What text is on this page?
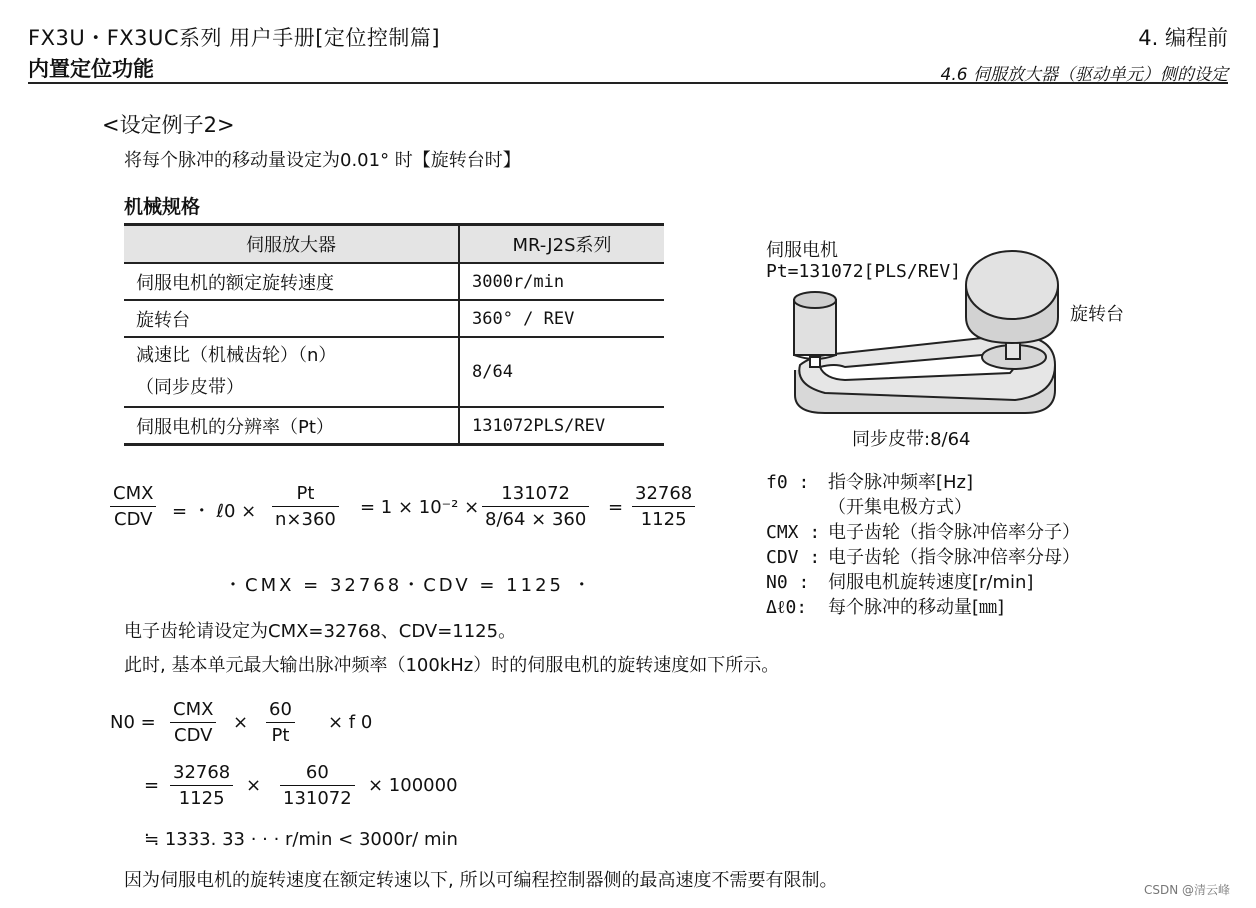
FX3U・FX3UC系列 用户手册[定位控制篇]
内置定位功能
4. 编程前
4.6 伺服放大器（驱动单元）侧的设定
<设定例子2>
将每个脉冲的移动量设定为0.01° 时【旋转台时】
机械规格
伺服放大器	MR-J2S系列
伺服电机的额定旋转速度	3000r/min
旋转台	360° / REV

减速比（机械齿轮）（n）
（同步皮带）	8/64
伺服电机的分辨率（Pt）	131072PLS/REV
伺服电机
Pt=131072[PLS/REV]
旋转台
同步皮带:8/64
f0 :	指令脉冲频率[Hz]
（开集电极方式）
CMX : 电子齿轮（指令脉冲倍率分子）
CDV : 电子齿轮（指令脉冲倍率分母）
N0 :	伺服电机旋转速度[r/min]
Δℓ0:	每个脉冲的移动量[㎜]
CMX
CDV = ・ ℓ0 × $\frac{Pt}{n\times 360} = 1 \times 10^{-2} \times \frac{131072}{8/64 \times 360} = \frac{32768}{1125}$
・CMX = 32768・CDV = 1125 ・
电子齿轮请设定为CMX=32768、CDV=1125。
此时, 基本单元最大输出脉冲频率（100kHz）时的伺服电机的旋转速度如下所示。
N0 =
CMX
CDV
× $\frac{60}{Pt} \times f$ 0
= $\frac{32768}{1125} \times \frac{60}{131072} \times 100000$
≒ 1333. 33 · · · r/min < 3000r/ min
因为伺服电机的旋转速度在额定转速以下, 所以可编程控制器侧的最高速度不需要有限制。	CSDN @清云峰
